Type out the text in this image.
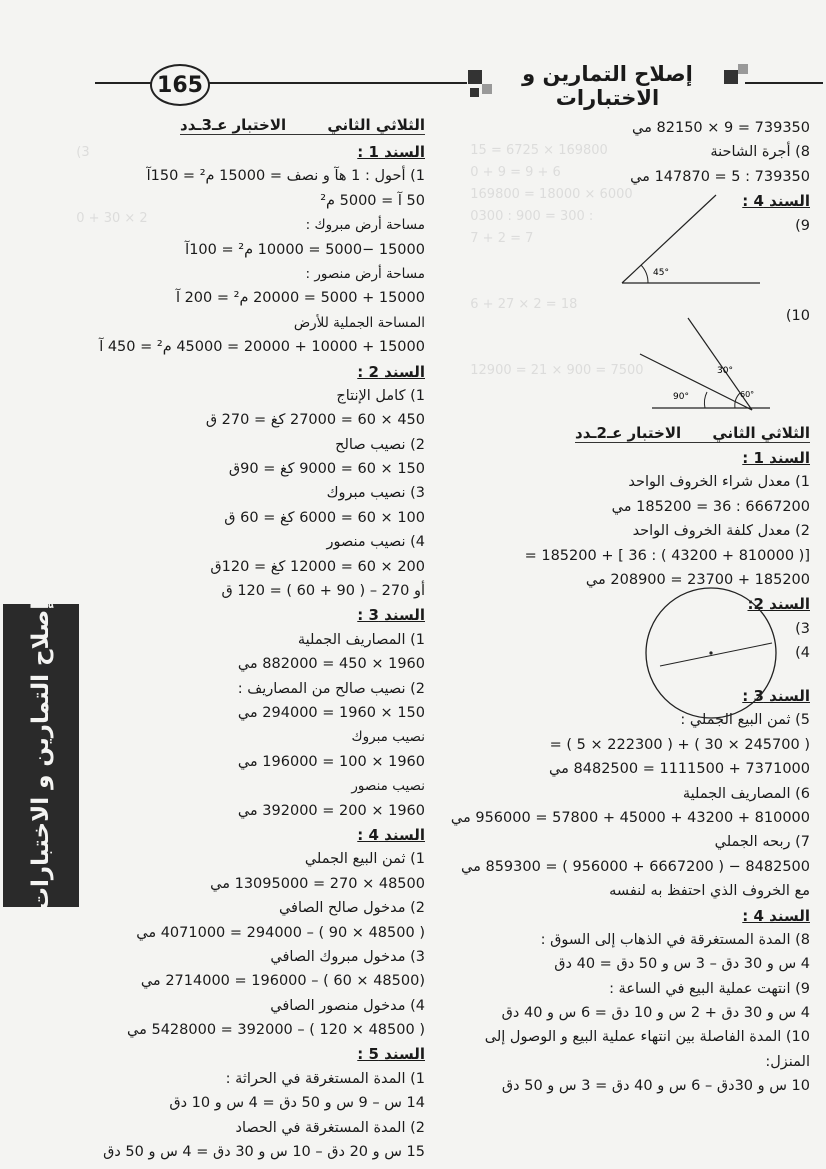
15 = 6725 × 169800
0 + 9 = 9 + 6
169800 = 18000 × 6000
0300 : 900 = 300 :
7 + 2 = 7

6 + 27 × 2 = 18

12900 = 21 × 900 = 7500

(3

0 + 30 × 2

165	إصلاح التمارين و الاختبارات
إصلاح التمارين و الاختبارات
739350 = 9 × 82150 مي
8) أجرة الشاحنة
739350 : 5 = 147870 مي
السند 4 :
9)
10)
الثلاثي الثاني
الاختبار عـ2ـدد
السند 1 :
1) معدل شراء الخروف الواحد
6667200 : 36 = 185200 مي
2) معدل كلفة الخروف الواحد
[( 810000 + 43200 ) : 36 ] + 185200 =
185200 + 23700 = 208900 مي
السند 2:
3)
4)
السند 3 :
5) ثمن البيع الجملي :
( 245700 × 30 ) + ( 222300 × 5 ) =
7371000 + 1111500 = 8482500 مي
6) المصاريف الجملية
810000 + 43200 + 45000 + 57800 = 956000 مي
7) ربحه الجملي
8482500 − ( 6667200 + 956000 ) = 859300 مي
مع الخروف الذي احتفظ به لنفسه
السند 4 :
8) المدة المستغرقة في الذهاب إلى السوق :
4 س و 30 دق – 3 س و 50 دق = 40 دق
9) انتهت عملية البيع في الساعة :
4 س و 30 دق + 2 س و 10 دق = 6 س و 40 دق
10) المدة الفاصلة بين انتهاء عملية البيع و الوصول إلى
المنزل:
10 س و 30دق – 6 س و 40 دق = 3 س و 50 دق
الثلاثي الثاني
الاختبار عـ3ـدد
السند 1 :
1) أحول : 1 هآ و نصف = 15000 م² = 150آ
50 آ = 5000 م²
مساحة أرض مبروك :
15000 −5000 = 10000 م² = 100آ
مساحة أرض منصور :
15000 + 5000 = 20000 م² = 200 آ
المساحة الجملية للأرض
15000 + 10000 + 20000 = 45000 م² = 450 آ
السند 2 :
1) كامل الإنتاج
450 × 60 = 27000 كغ = 270 ق
2) نصيب صالح
150 × 60 = 9000 كغ = 90ق
3) نصيب مبروك
100 × 60 = 6000 كغ = 60 ق
4) نصيب منصور
200 × 60 = 12000 كغ = 120ق
أو 270 – ( 90 + 60 ) = 120 ق
السند 3 :
1) المصاريف الجملية
1960 × 450 = 882000 مي
2) نصيب صالح من المصاريف :
150 × 1960 = 294000 مي
نصيب مبروك
1960 × 100 = 196000 مي
نصيب منصور
1960 × 200 = 392000 مي
السند 4 :
1) ثمن البيع الجملي
48500 × 270 = 13095000 مي
2) مدخول صالح الصافي
( 48500 × 90 ) – 294000 = 4071000 مي
3) مدخول مبروك الصافي
(48500 × 60 ) – 196000 = 2714000 مي
4) مدخول منصور الصافي
( 48500 × 120 ) – 392000 = 5428000 مي
السند 5 :
1) المدة المستغرقة في الحراثة :
14 س – 9 س و 50 دق = 4 س و 10 دق
2) المدة المستغرقة في الحصاد
15 س و 20 دق – 10 س و 30 دق = 4 س و 50 دق
45°
90°
30°
60°
